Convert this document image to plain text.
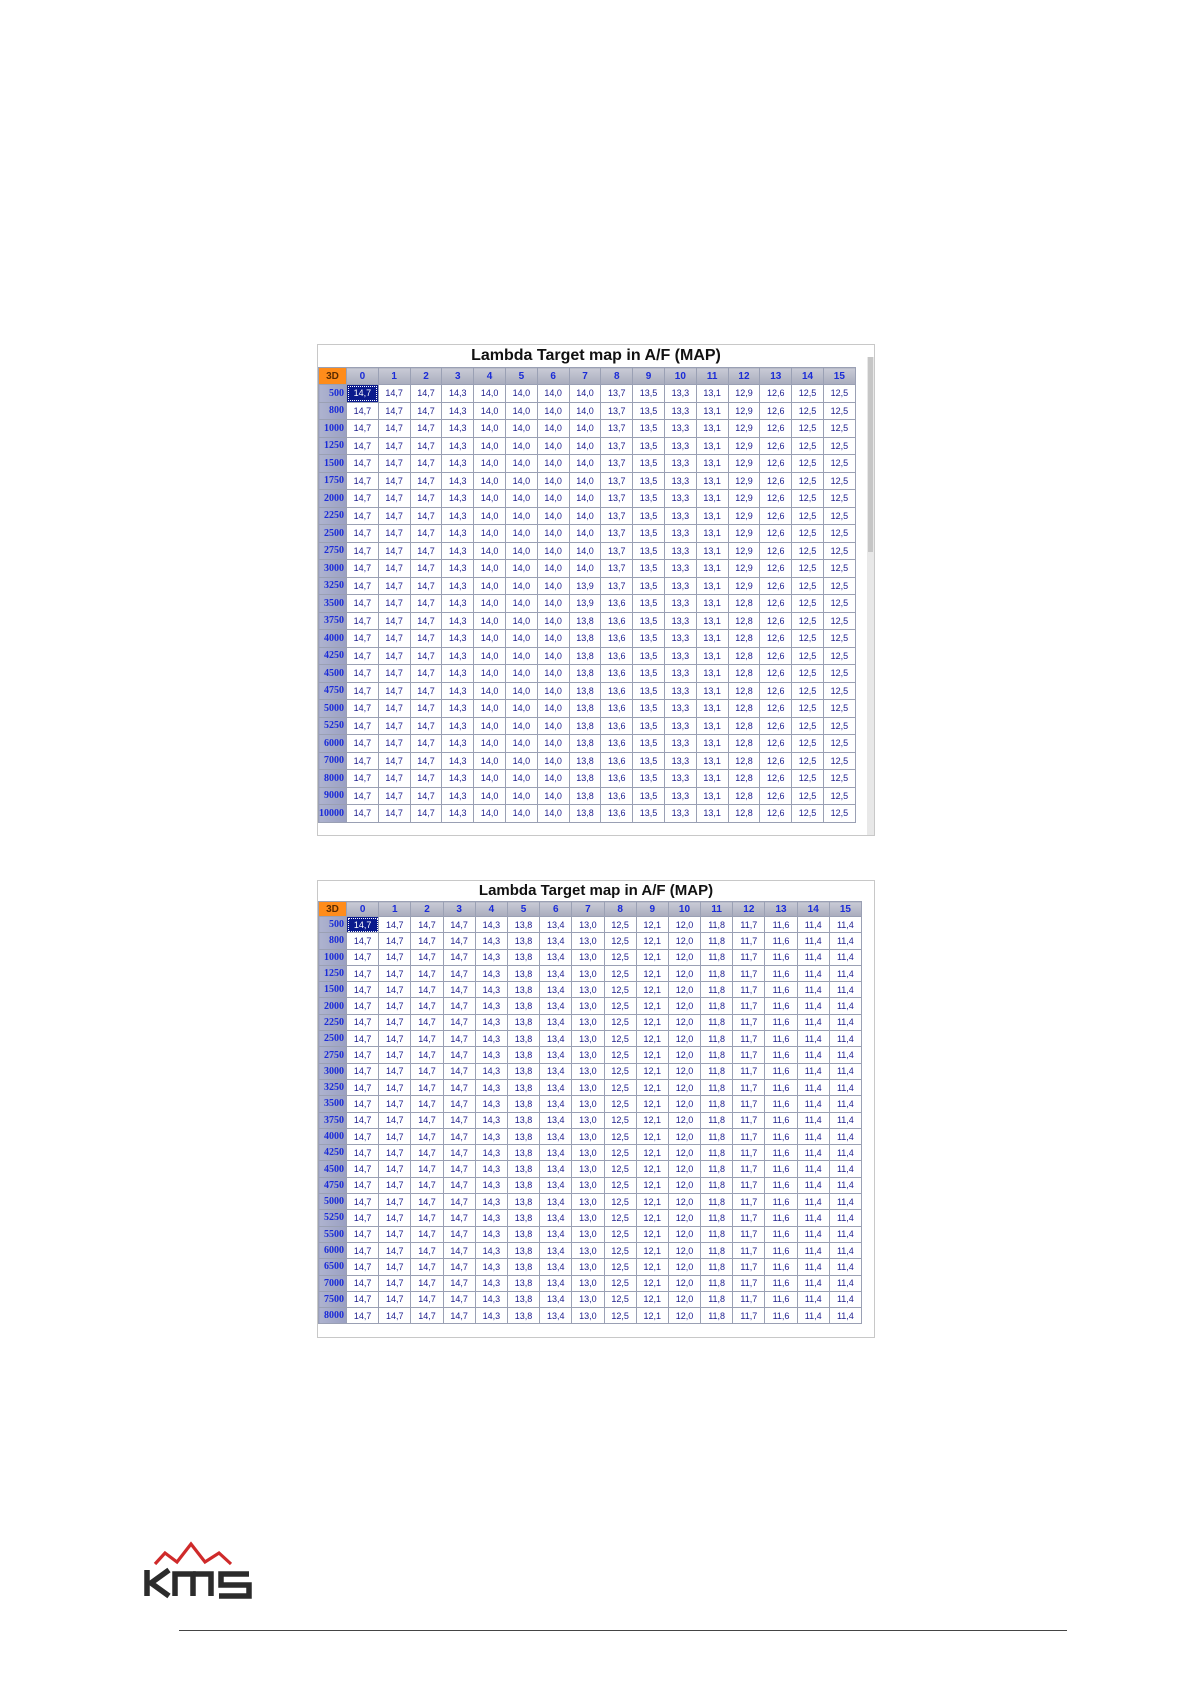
Lambda Target map in A/F (MAP)
3D	0	1	2	3	4	5	6	7	8	9	10	11	12	13	14	15
500	14,7	14,7	14,7	14,3	14,0	14,0	14,0	14,0	13,7	13,5	13,3	13,1	12,9	12,6	12,5	12,5
800	14,7	14,7	14,7	14,3	14,0	14,0	14,0	14,0	13,7	13,5	13,3	13,1	12,9	12,6	12,5	12,5
1000	14,7	14,7	14,7	14,3	14,0	14,0	14,0	14,0	13,7	13,5	13,3	13,1	12,9	12,6	12,5	12,5
1250	14,7	14,7	14,7	14,3	14,0	14,0	14,0	14,0	13,7	13,5	13,3	13,1	12,9	12,6	12,5	12,5
1500	14,7	14,7	14,7	14,3	14,0	14,0	14,0	14,0	13,7	13,5	13,3	13,1	12,9	12,6	12,5	12,5
1750	14,7	14,7	14,7	14,3	14,0	14,0	14,0	14,0	13,7	13,5	13,3	13,1	12,9	12,6	12,5	12,5
2000	14,7	14,7	14,7	14,3	14,0	14,0	14,0	14,0	13,7	13,5	13,3	13,1	12,9	12,6	12,5	12,5
2250	14,7	14,7	14,7	14,3	14,0	14,0	14,0	14,0	13,7	13,5	13,3	13,1	12,9	12,6	12,5	12,5
2500	14,7	14,7	14,7	14,3	14,0	14,0	14,0	14,0	13,7	13,5	13,3	13,1	12,9	12,6	12,5	12,5
2750	14,7	14,7	14,7	14,3	14,0	14,0	14,0	14,0	13,7	13,5	13,3	13,1	12,9	12,6	12,5	12,5
3000	14,7	14,7	14,7	14,3	14,0	14,0	14,0	14,0	13,7	13,5	13,3	13,1	12,9	12,6	12,5	12,5
3250	14,7	14,7	14,7	14,3	14,0	14,0	14,0	13,9	13,7	13,5	13,3	13,1	12,9	12,6	12,5	12,5
3500	14,7	14,7	14,7	14,3	14,0	14,0	14,0	13,9	13,6	13,5	13,3	13,1	12,8	12,6	12,5	12,5
3750	14,7	14,7	14,7	14,3	14,0	14,0	14,0	13,8	13,6	13,5	13,3	13,1	12,8	12,6	12,5	12,5
4000	14,7	14,7	14,7	14,3	14,0	14,0	14,0	13,8	13,6	13,5	13,3	13,1	12,8	12,6	12,5	12,5
4250	14,7	14,7	14,7	14,3	14,0	14,0	14,0	13,8	13,6	13,5	13,3	13,1	12,8	12,6	12,5	12,5
4500	14,7	14,7	14,7	14,3	14,0	14,0	14,0	13,8	13,6	13,5	13,3	13,1	12,8	12,6	12,5	12,5
4750	14,7	14,7	14,7	14,3	14,0	14,0	14,0	13,8	13,6	13,5	13,3	13,1	12,8	12,6	12,5	12,5
5000	14,7	14,7	14,7	14,3	14,0	14,0	14,0	13,8	13,6	13,5	13,3	13,1	12,8	12,6	12,5	12,5
5250	14,7	14,7	14,7	14,3	14,0	14,0	14,0	13,8	13,6	13,5	13,3	13,1	12,8	12,6	12,5	12,5
6000	14,7	14,7	14,7	14,3	14,0	14,0	14,0	13,8	13,6	13,5	13,3	13,1	12,8	12,6	12,5	12,5
7000	14,7	14,7	14,7	14,3	14,0	14,0	14,0	13,8	13,6	13,5	13,3	13,1	12,8	12,6	12,5	12,5
8000	14,7	14,7	14,7	14,3	14,0	14,0	14,0	13,8	13,6	13,5	13,3	13,1	12,8	12,6	12,5	12,5
9000	14,7	14,7	14,7	14,3	14,0	14,0	14,0	13,8	13,6	13,5	13,3	13,1	12,8	12,6	12,5	12,5
10000	14,7	14,7	14,7	14,3	14,0	14,0	14,0	13,8	13,6	13,5	13,3	13,1	12,8	12,6	12,5	12,5
Lambda Target map in A/F (MAP)
3D	0	1	2	3	4	5	6	7	8	9	10	11	12	13	14	15
500	14,7	14,7	14,7	14,7	14,3	13,8	13,4	13,0	12,5	12,1	12,0	11,8	11,7	11,6	11,4	11,4
800	14,7	14,7	14,7	14,7	14,3	13,8	13,4	13,0	12,5	12,1	12,0	11,8	11,7	11,6	11,4	11,4
1000	14,7	14,7	14,7	14,7	14,3	13,8	13,4	13,0	12,5	12,1	12,0	11,8	11,7	11,6	11,4	11,4
1250	14,7	14,7	14,7	14,7	14,3	13,8	13,4	13,0	12,5	12,1	12,0	11,8	11,7	11,6	11,4	11,4
1500	14,7	14,7	14,7	14,7	14,3	13,8	13,4	13,0	12,5	12,1	12,0	11,8	11,7	11,6	11,4	11,4
2000	14,7	14,7	14,7	14,7	14,3	13,8	13,4	13,0	12,5	12,1	12,0	11,8	11,7	11,6	11,4	11,4
2250	14,7	14,7	14,7	14,7	14,3	13,8	13,4	13,0	12,5	12,1	12,0	11,8	11,7	11,6	11,4	11,4
2500	14,7	14,7	14,7	14,7	14,3	13,8	13,4	13,0	12,5	12,1	12,0	11,8	11,7	11,6	11,4	11,4
2750	14,7	14,7	14,7	14,7	14,3	13,8	13,4	13,0	12,5	12,1	12,0	11,8	11,7	11,6	11,4	11,4
3000	14,7	14,7	14,7	14,7	14,3	13,8	13,4	13,0	12,5	12,1	12,0	11,8	11,7	11,6	11,4	11,4
3250	14,7	14,7	14,7	14,7	14,3	13,8	13,4	13,0	12,5	12,1	12,0	11,8	11,7	11,6	11,4	11,4
3500	14,7	14,7	14,7	14,7	14,3	13,8	13,4	13,0	12,5	12,1	12,0	11,8	11,7	11,6	11,4	11,4
3750	14,7	14,7	14,7	14,7	14,3	13,8	13,4	13,0	12,5	12,1	12,0	11,8	11,7	11,6	11,4	11,4
4000	14,7	14,7	14,7	14,7	14,3	13,8	13,4	13,0	12,5	12,1	12,0	11,8	11,7	11,6	11,4	11,4
4250	14,7	14,7	14,7	14,7	14,3	13,8	13,4	13,0	12,5	12,1	12,0	11,8	11,7	11,6	11,4	11,4
4500	14,7	14,7	14,7	14,7	14,3	13,8	13,4	13,0	12,5	12,1	12,0	11,8	11,7	11,6	11,4	11,4
4750	14,7	14,7	14,7	14,7	14,3	13,8	13,4	13,0	12,5	12,1	12,0	11,8	11,7	11,6	11,4	11,4
5000	14,7	14,7	14,7	14,7	14,3	13,8	13,4	13,0	12,5	12,1	12,0	11,8	11,7	11,6	11,4	11,4
5250	14,7	14,7	14,7	14,7	14,3	13,8	13,4	13,0	12,5	12,1	12,0	11,8	11,7	11,6	11,4	11,4
5500	14,7	14,7	14,7	14,7	14,3	13,8	13,4	13,0	12,5	12,1	12,0	11,8	11,7	11,6	11,4	11,4
6000	14,7	14,7	14,7	14,7	14,3	13,8	13,4	13,0	12,5	12,1	12,0	11,8	11,7	11,6	11,4	11,4
6500	14,7	14,7	14,7	14,7	14,3	13,8	13,4	13,0	12,5	12,1	12,0	11,8	11,7	11,6	11,4	11,4
7000	14,7	14,7	14,7	14,7	14,3	13,8	13,4	13,0	12,5	12,1	12,0	11,8	11,7	11,6	11,4	11,4
7500	14,7	14,7	14,7	14,7	14,3	13,8	13,4	13,0	12,5	12,1	12,0	11,8	11,7	11,6	11,4	11,4
8000	14,7	14,7	14,7	14,7	14,3	13,8	13,4	13,0	12,5	12,1	12,0	11,8	11,7	11,6	11,4	11,4
